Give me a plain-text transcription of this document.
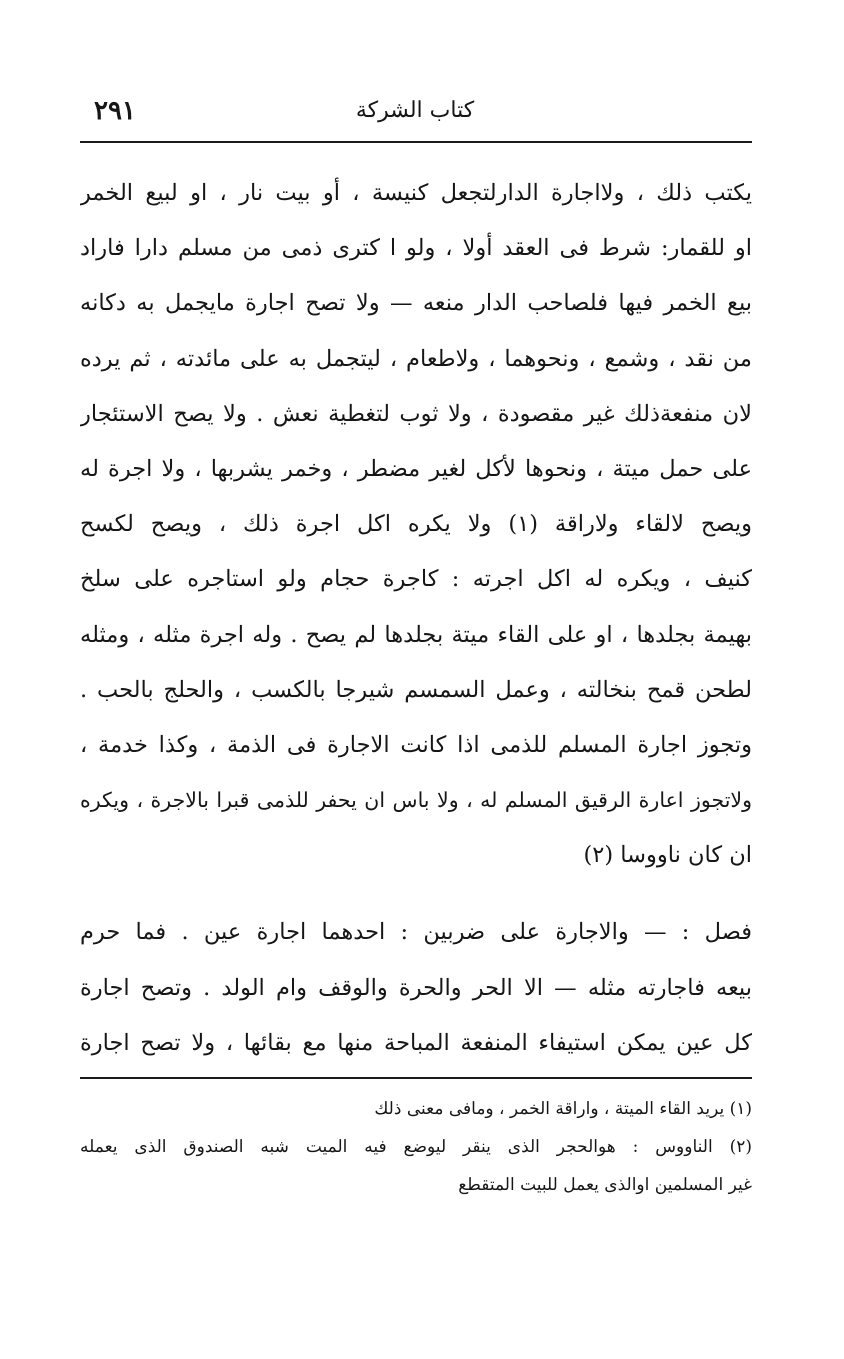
كتاب الشركة
٢٩١
يكتب ذلك ، ولااجارة الدارلتجعل كنيسة ، أو بيت نار ، او لبيع الخمر
او للقمار: شرط فى العقد أولا ، ولو ا كترى ذمى من مسلم دارا فاراد
بيع الخمر فيها فلصاحب الدار منعه — ولا تصح اجارة مايجمل به دكانه
من نقد ، وشمع ، ونحوهما ، ولاطعام ، ليتجمل به على مائدته ، ثم يرده
لان منفعةذلك غير مقصودة ، ولا ثوب لتغطية نعش . ولا يصح الاستئجار
على حمل ميتة ، ونحوها لأكل لغير مضطر ، وخمر يشربها ، ولا اجرة له
ويصح لالقاء ولاراقة (١) ولا يكره اكل اجرة ذلك ، ويصح لكسح
كنيف ، ويكره له اكل اجرته : كاجرة حجام ولو استاجره على سلخ
بهيمة بجلدها ، او على القاء ميتة بجلدها لم يصح . وله اجرة مثله ، ومثله
لطحن قمح بنخالته ، وعمل السمسم شيرجا بالكسب ، والحلج بالحب .
وتجوز اجارة المسلم للذمى اذا كانت الاجارة فى الذمة ، وكذا خدمة ،
ولاتجوز اعارة الرقيق المسلم له ، ولا باس ان يحفر للذمى قبرا بالاجرة ، ويكره
ان كان ناووسا (٢)
فصل : — والاجارة على ضربين : احدهما اجارة عين . فما حرم
بيعه فاجارته مثله — الا الحر والحرة والوقف وام الولد . وتصح اجارة
كل عين يمكن استيفاء المنفعة المباحة منها مع بقائها ، ولا تصح اجارة
(١) يريد القاء الميتة ، واراقة الخمر ، ومافى معنى ذلك
(٢) الناووس : هوالحجر الذى ينقر ليوضع فيه الميت شبه الصندوق الذى يعمله
غير المسلمين اوالذى يعمل للبيت المتقطع
